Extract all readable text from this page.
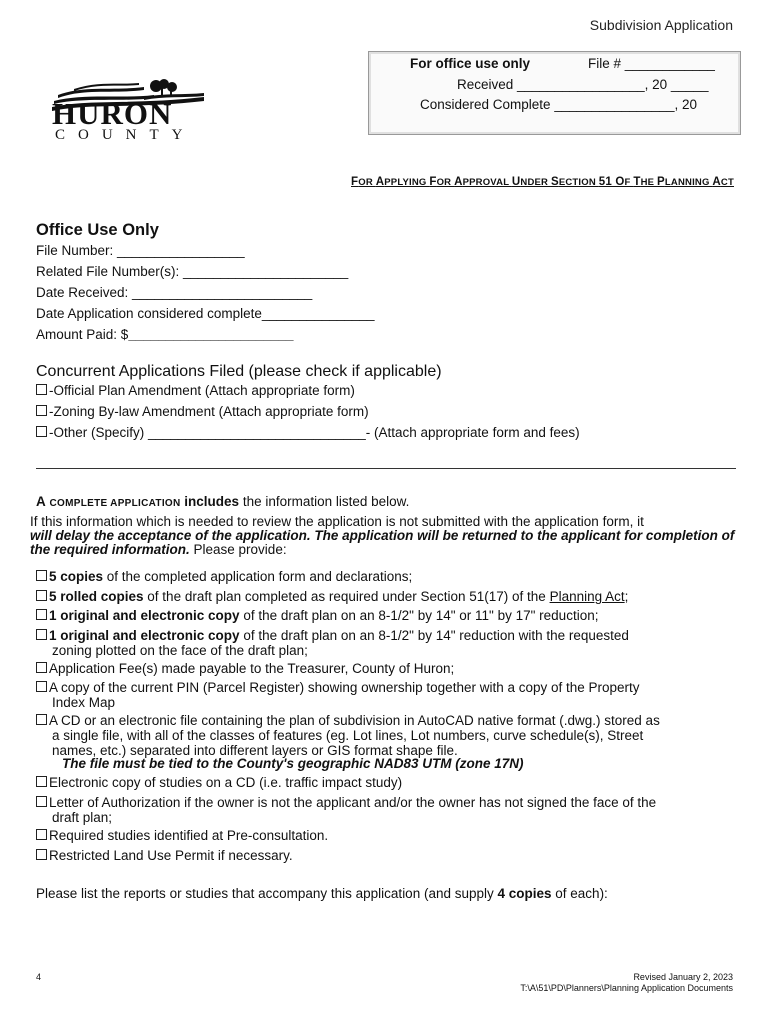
Subdivision Application
HURON
COUNTY
For office use only	File # ____________
Received _________________, 20 _____
Considered Complete ________________, 20
FOR APPLYING FOR APPROVAL UNDER SECTION 51 OF THE PLANNING ACT
Office Use Only
File Number: _________________
Related File Number(s): ______________________
Date Received: ________________________
Date Application considered complete_______________
Amount Paid: $______________________
Concurrent Applications Filed (please check if applicable)
-Official Plan Amendment (Attach appropriate form)
-Zoning By-law Amendment (Attach appropriate form)
-Other (Specify) _____________________________- (Attach appropriate form and fees)
A COMPLETE APPLICATION includes the information listed below.
If this information which is needed to review the application is not submitted with the application form, it
will delay the acceptance of the application. The application will be returned to the applicant for completion of the required information. Please provide:
5 copies of the completed application form and declarations;
5 rolled copies of the draft plan completed as required under Section 51(17) of the Planning Act;
1 original and electronic copy of the draft plan on an 8-1/2" by 14" or 11" by 17" reduction;
1 original and electronic copy of the draft plan on an 8-1/2" by 14" reduction with the requested
zoning plotted on the face of the draft plan;
Application Fee(s) made payable to the Treasurer, County of Huron;
A copy of the current PIN (Parcel Register) showing ownership together with a copy of the Property
Index Map
A CD or an electronic file containing the plan of subdivision in AutoCAD native format (.dwg.) stored as
a single file, with all of the classes of features (eg. Lot lines, Lot numbers, curve schedule(s), Street
names, etc.) separated into different layers or GIS format shape file.
The file must be tied to the County's geographic NAD83 UTM (zone 17N)
Electronic copy of studies on a CD (i.e. traffic impact study)
Letter of Authorization if the owner is not the applicant and/or the owner has not signed the face of the
draft plan;
Required studies identified at Pre-consultation.
Restricted Land Use Permit if necessary.
Please list the reports or studies that accompany this application (and supply 4 copies of each):
4	Revised January 2, 2023
T:\A\51\PD\Planners\Planning Application Documents
